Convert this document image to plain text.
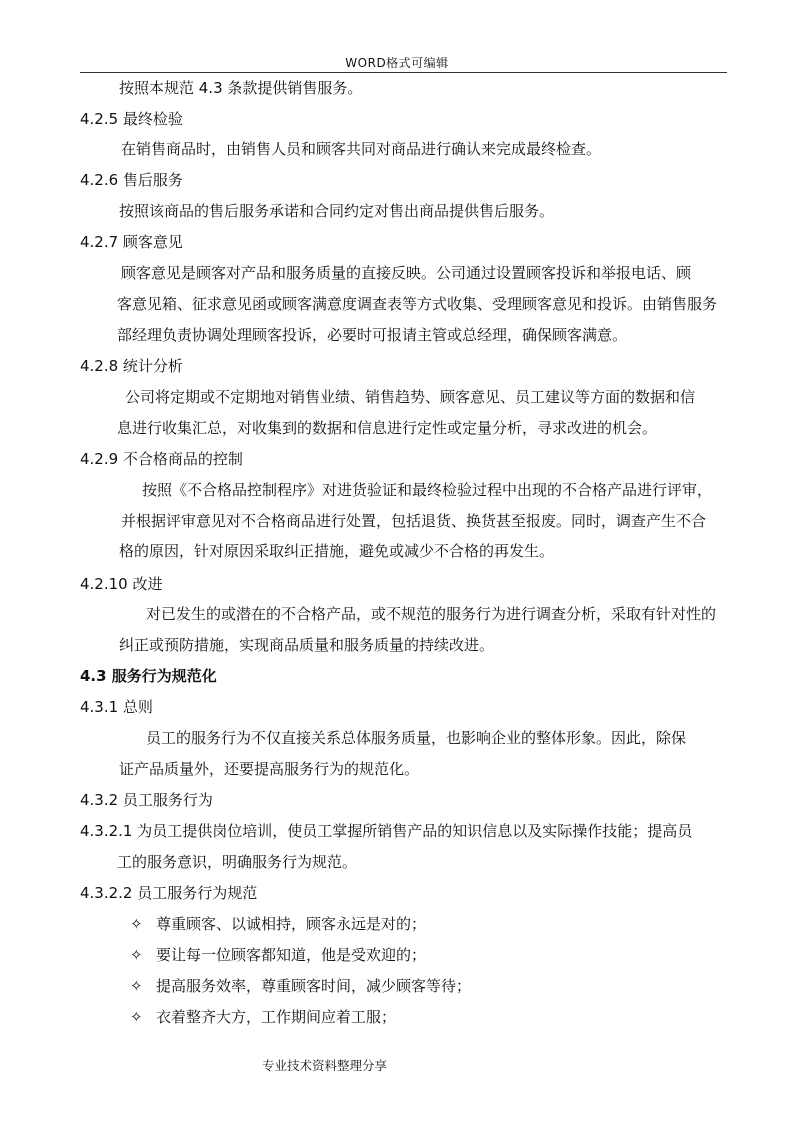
WORD格式可编辑
按照本规范 4.3 条款提供销售服务。
4.2.5 最终检验
在销售商品时，由销售人员和顾客共同对商品进行确认来完成最终检查。
4.2.6 售后服务
按照该商品的售后服务承诺和合同约定对售出商品提供售后服务。
4.2.7 顾客意见
顾客意见是顾客对产品和服务质量的直接反映。公司通过设置顾客投诉和举报电话、顾
客意见箱、征求意见函或顾客满意度调查表等方式收集、受理顾客意见和投诉。由销售服务
部经理负责协调处理顾客投诉，必要时可报请主管或总经理，确保顾客满意。
4.2.8 统计分析
公司将定期或不定期地对销售业绩、销售趋势、顾客意见、员工建议等方面的数据和信
息进行收集汇总，对收集到的数据和信息进行定性或定量分析，寻求改进的机会。
4.2.9 不合格商品的控制
按照《不合格品控制程序》对进货验证和最终检验过程中出现的不合格产品进行评审，
并根据评审意见对不合格商品进行处置，包括退货、换货甚至报废。同时，调查产生不合
格的原因，针对原因采取纠正措施，避免或减少不合格的再发生。
4.2.10 改进
对已发生的或潜在的不合格产品，或不规范的服务行为进行调查分析，采取有针对性的
纠正或预防措施，实现商品质量和服务质量的持续改进。
4.3 服务行为规范化
4.3.1 总则
员工的服务行为不仅直接关系总体服务质量，也影响企业的整体形象。因此，除保
证产品质量外，还要提高服务行为的规范化。
4.3.2 员工服务行为
4.3.2.1 为员工提供岗位培训，使员工掌握所销售产品的知识信息以及实际操作技能；提高员
工的服务意识，明确服务行为规范。
4.3.2.2 员工服务行为规范
✧ 尊重顾客、以诚相持，顾客永远是对的；
✧ 要让每一位顾客都知道，他是受欢迎的；
✧ 提高服务效率，尊重顾客时间，减少顾客等待；
✧ 衣着整齐大方，工作期间应着工服；
专业技术资料整理分享
